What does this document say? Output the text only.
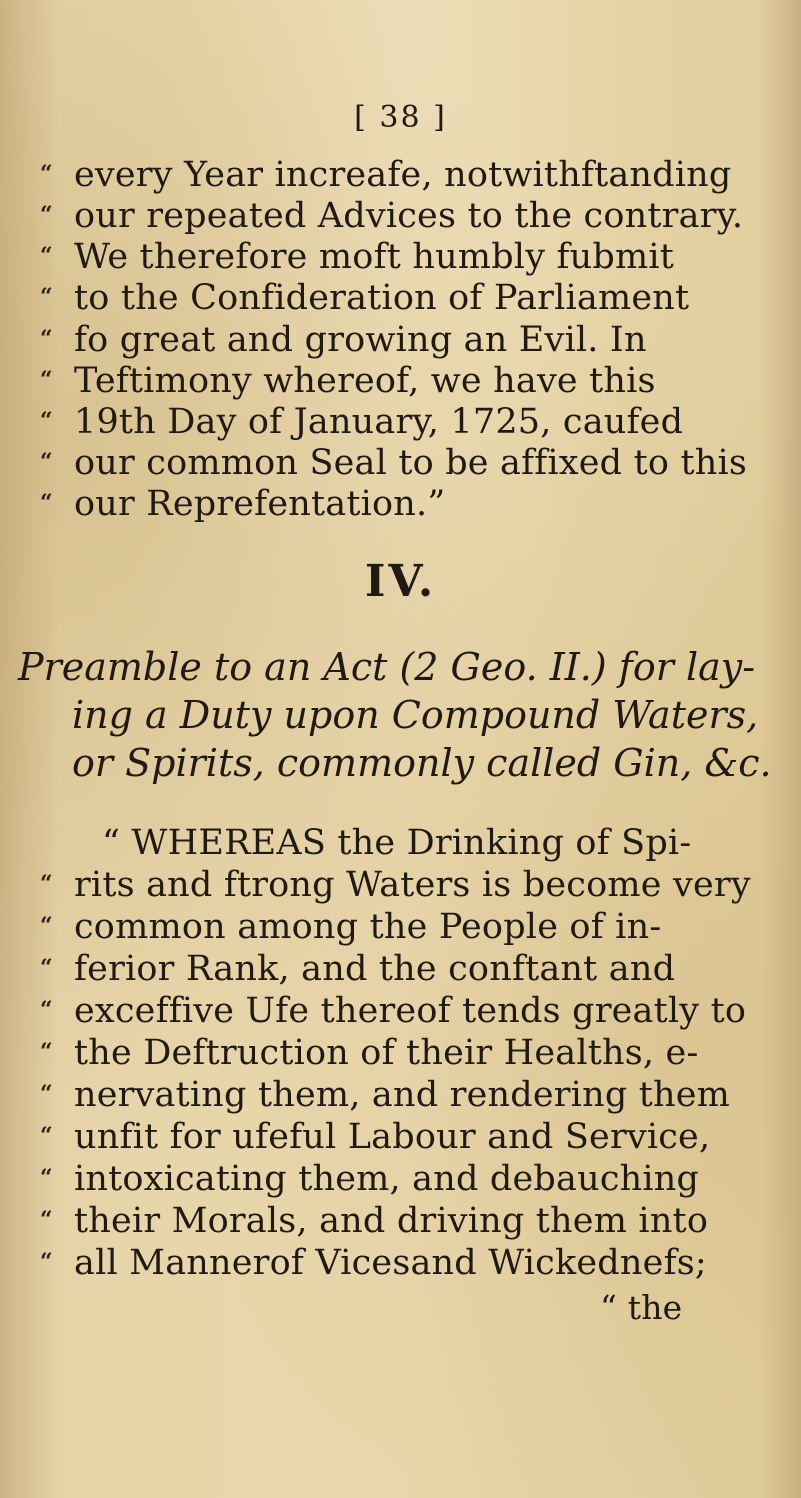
[ 38 ]
“ every Year increafe, notwithftanding
“ our repeated Advices to the contrary.
“ We therefore moft humbly fubmit
“ to the Confideration of Parliament
“ fo great and growing an Evil. In
“ Teftimony whereof, we have this
“ 19th Day of January, 1725, caufed
“ our common Seal to be affixed to this
“ our Reprefentation.”
IV.
Preamble to an Act (2 Geo. II.) for lay-
ing a Duty upon Compound Waters,
or Spirits, commonly called Gin, &c.
“ WHEREAS the Drinking of Spi-
“ rits and ftrong Waters is become very
“ common among the People of in-
“ ferior Rank, and the conftant and
“ exceffive Ufe thereof tends greatly to
“ the Deftruction of their Healths, e-
“ nervating them, and rendering them
“ unfit for ufeful Labour and Service,
“ intoxicating them, and debauching
“ their Morals, and driving them into
“ all Mannerof Vicesand Wickednefs;
“ the
